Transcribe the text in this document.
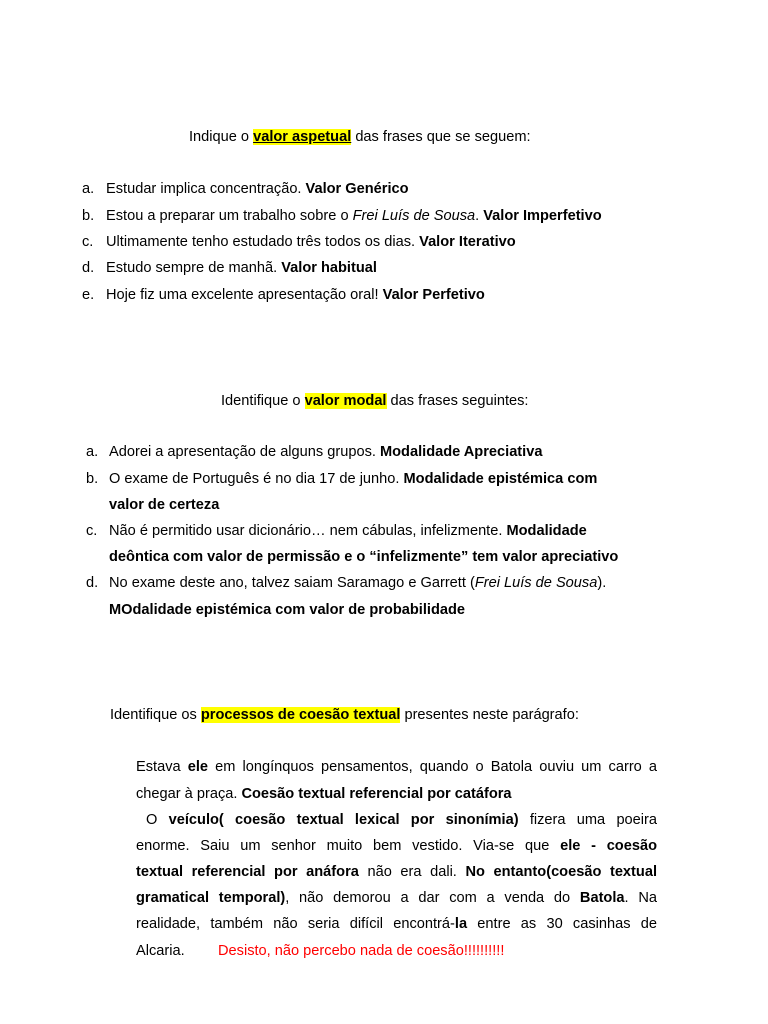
Indique o valor aspetual das frases que se seguem:
a. Estudar implica concentração. Valor Genérico
b. Estou a preparar um trabalho sobre o Frei Luís de Sousa. Valor Imperfetivo
c. Ultimamente tenho estudado três todos os dias. Valor Iterativo
d. Estudo sempre de manhã. Valor habitual
e. Hoje fiz uma excelente apresentação oral! Valor Perfetivo
Identifique o valor modal das frases seguintes:
a. Adorei a apresentação de alguns grupos. Modalidade Apreciativa
b. O exame de Português é no dia 17 de junho. Modalidade epistémica com
valor de certeza
c. Não é permitido usar dicionário… nem cábulas, infelizmente. Modalidade
deôntica com valor de permissão e o “infelizmente” tem valor apreciativo
d. No exame deste ano, talvez saiam Saramago e Garrett (Frei Luís de Sousa).
MOdalidade epistémica com valor de probabilidade
Identifique os processos de coesão textual presentes neste parágrafo:
Estava ele em longínquos pensamentos, quando o Batola ouviu um carro a
chegar à praça. Coesão textual referencial por catáfora
O veículo( coesão textual lexical por sinonímia) fizera uma poeira
enorme. Saiu um senhor muito bem vestido. Via-se que ele - coesão
textual referencial por anáfora não era dali. No entanto(coesão textual
gramatical temporal), não demorou a dar com a venda do Batola. Na
realidade, também não seria difícil encontrá-la entre as 30 casinhas de
Alcaria. Desisto, não percebo nada de coesão!!!!!!!!!!
